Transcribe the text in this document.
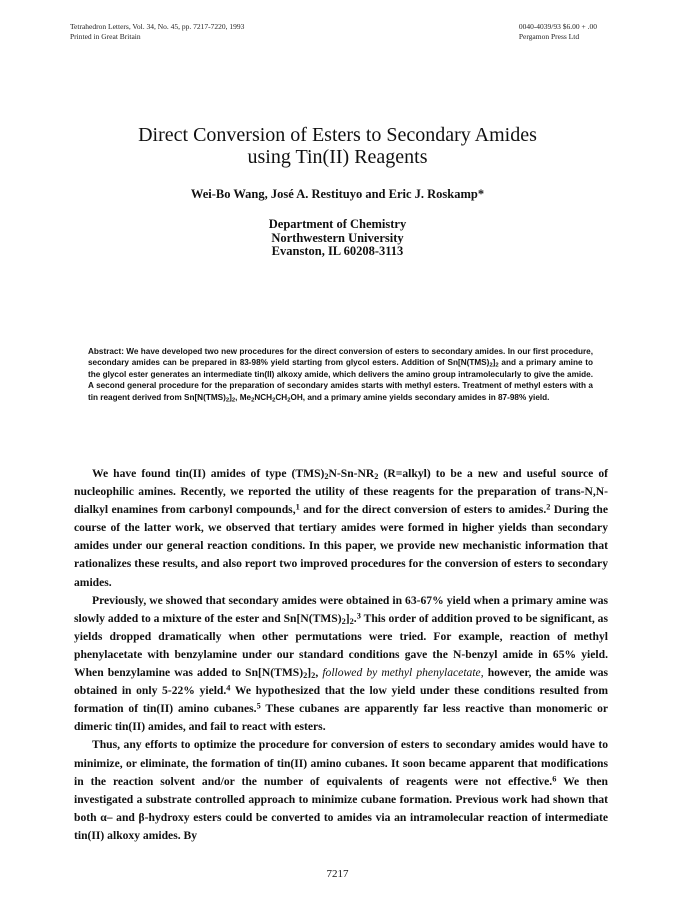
Tetrahedron Letters, Vol. 34, No. 45, pp. 7217-7220, 1993
Printed in Great Britain
0040-4039/93 $6.00 + .00
Pergamon Press Ltd
Direct Conversion of Esters to Secondary Amides
using Tin(II) Reagents
Wei-Bo Wang, José A. Restituyo and Eric J. Roskamp*
Department of Chemistry
Northwestern University
Evanston, IL 60208-3113
Abstract: We have developed two new procedures for the direct conversion of esters to secondary amides. In our first procedure, secondary amides can be prepared in 83-98% yield starting from glycol esters. Addition of $Sn[N(TMS)_2]_2$ and a primary amine to the glycol ester generates an intermediate tin(II) alkoxy amide, which delivers the amino group intramolecularly to give the amide. A second general procedure for the preparation of secondary amides starts with methyl esters. Treatment of methyl esters with a tin reagent derived from $Sn[N(TMS)_2]_2$, $Me_2NCH_2CH_2OH$, and a primary amine yields secondary amides in 87-98% yield.

We have found tin(II) amides of type $(TMS)_2N-Sn-NR_2$ (R=alkyl) to be a new and useful source of nucleophilic amines. Recently, we reported the utility of these reagents for the preparation of trans-N,N-dialkyl enamines from carbonyl compounds,$^1$ and for the direct conversion of esters to amides.$^2$ During the course of the latter work, we observed that tertiary amides were formed in higher yields than secondary amides under our general reaction conditions. In this paper, we provide new mechanistic information that rationalizes these results, and also report two improved procedures for the conversion of esters to secondary amides.

Previously, we showed that secondary amides were obtained in 63-67% yield when a primary amine was slowly added to a mixture of the ester and $Sn[N(TMS)_2]_2.^3$ This order of addition proved to be significant, as yields dropped dramatically when other permutations were tried. For example, reaction of methyl phenylacetate with benzylamine under our standard conditions gave the N-benzyl amide in 65% yield. When benzylamine was added to $Sn[N(TMS)_2]_2$, followed by methyl phenylacetate, however, the amide was obtained in only 5-22% yield.$^4$ We hypothesized that the low yield under these conditions resulted from formation of tin(II) amino cubanes.$^5$ These cubanes are apparently far less reactive than monomeric or dimeric tin(II) amides, and fail to react with esters.

Thus, any efforts to optimize the procedure for conversion of esters to secondary amides would have to minimize, or eliminate, the formation of tin(II) amino cubanes. It soon became apparent that modifications in the reaction solvent and/or the number of equivalents of reagents were not effective.$^6$ We then investigated a substrate controlled approach to minimize cubane formation. Previous work had shown that both α– and β-hydroxy esters could be converted to amides via an intramolecular reaction of intermediate tin(II) alkoxy amides. By

7217
